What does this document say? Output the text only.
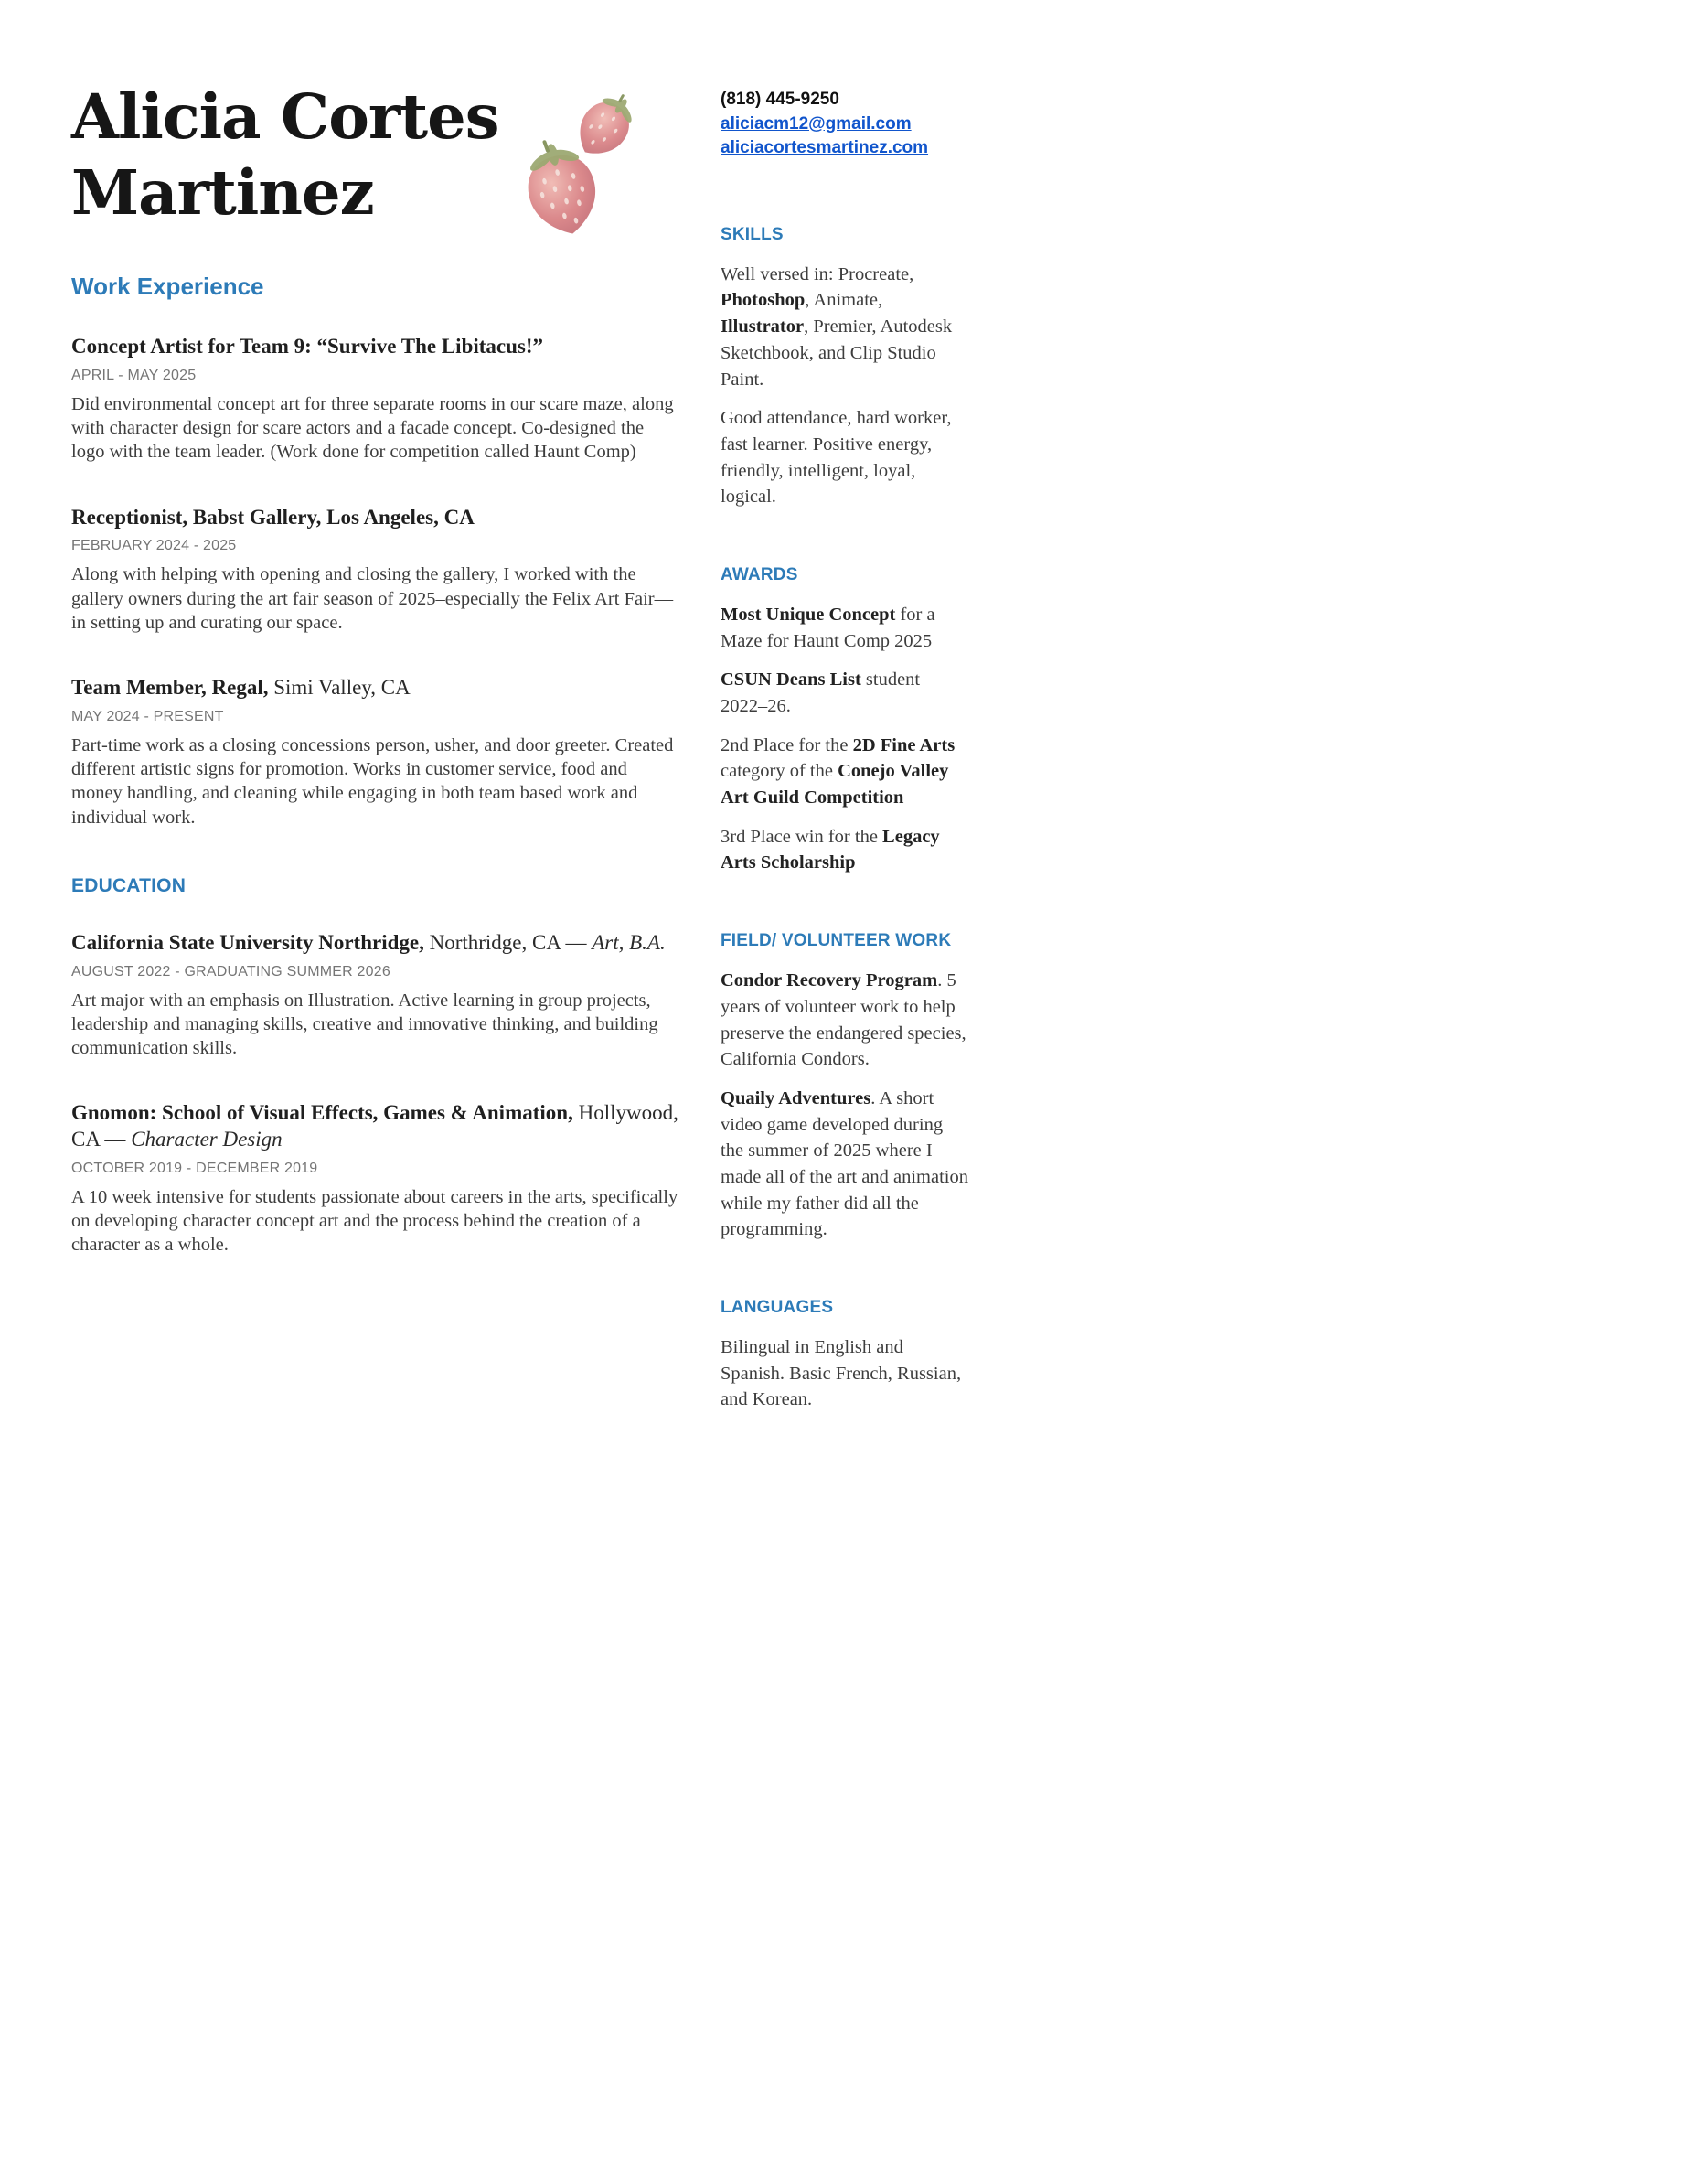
Alicia Cortes
Martinez
Work Experience
Concept Artist for Team 9: “Survive The Libitacus!”
APRIL - MAY 2025
Did environmental concept art for three separate rooms in our scare maze, along with character design for scare actors and a facade concept. Co-designed the logo with the team leader. (Work done for competition called Haunt Comp)
Receptionist, Babst Gallery, Los Angeles, CA
FEBRUARY 2024 - 2025
Along with helping with opening and closing the gallery, I worked with the gallery owners during the art fair season of 2025–especially the Felix Art Fair—in setting up and curating our space.
Team Member, Regal, Simi Valley, CA
MAY 2024 - PRESENT
Part-time work as a closing concessions person, usher, and door greeter. Created different artistic signs for promotion. Works in customer service, food and money handling, and cleaning while engaging in both team based work and individual work.
EDUCATION
California State University Northridge, Northridge, CA — Art, B.A.
AUGUST 2022 - GRADUATING SUMMER 2026
Art major with an emphasis on Illustration. Active learning in group projects, leadership and managing skills, creative and innovative thinking, and building communication skills.
Gnomon: School of Visual Effects, Games & Animation, Hollywood, CA — Character Design
OCTOBER 2019 - DECEMBER 2019
A 10 week intensive for students passionate about careers in the arts, specifically on developing character concept art and the process behind the creation of a character as a whole.
(818) 445-9250
aliciacm12@gmail.com
aliciacortesmartinez.com
SKILLS

Well versed in: Procreate, Photoshop, Animate, Illustrator, Premier, Autodesk Sketchbook, and Clip Studio Paint.

Good attendance, hard worker, fast learner. Positive energy, friendly, intelligent, loyal, logical.

AWARDS

Most Unique Concept for a Maze for Haunt Comp 2025

CSUN Deans List student 2022–26.

2nd Place for the 2D Fine Arts category of the Conejo Valley Art Guild Competition

3rd Place win for the Legacy Arts Scholarship

FIELD/ VOLUNTEER WORK

Condor Recovery Program. 5 years of volunteer work to help preserve the endangered species, California Condors.

Quaily Adventures. A short video game developed during the summer of 2025 where I made all of the art and animation while my father did all the programming.

LANGUAGES

Bilingual in English and Spanish. Basic French, Russian, and Korean.
